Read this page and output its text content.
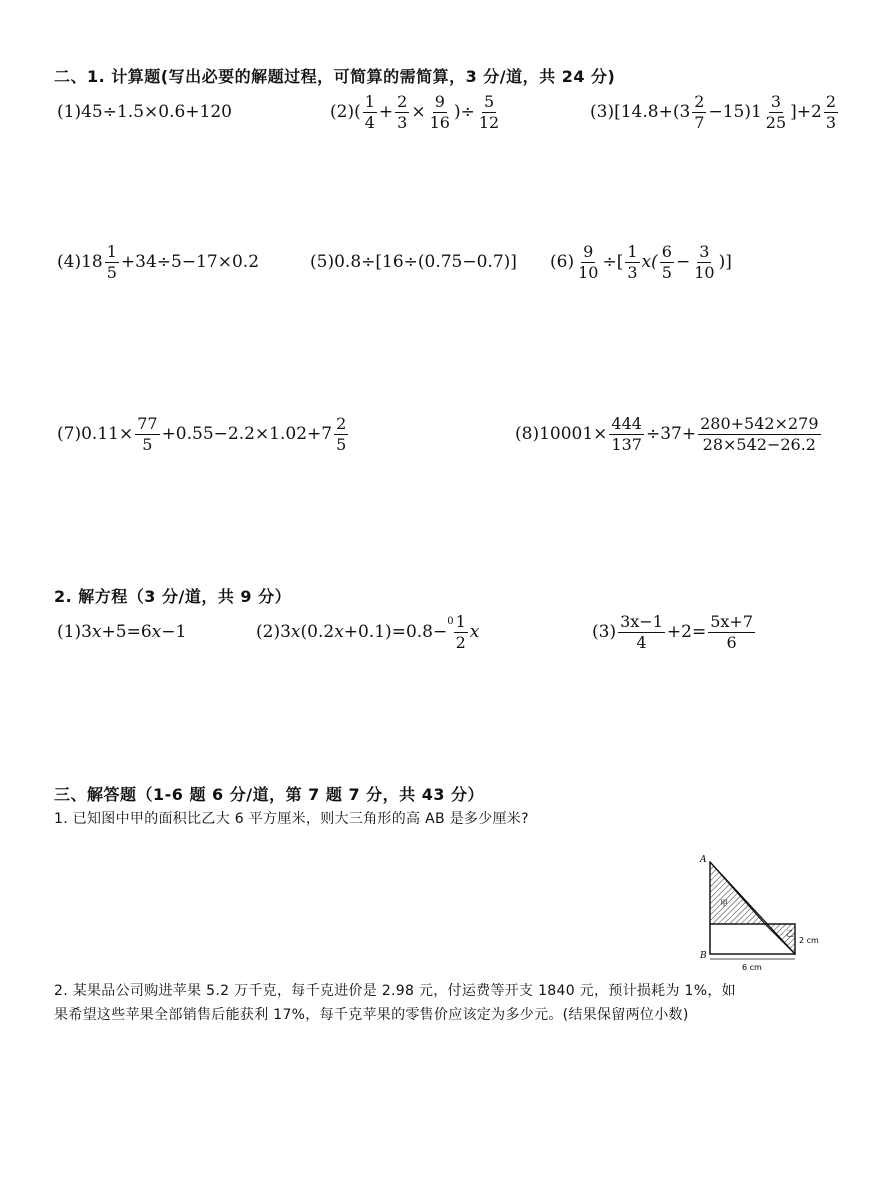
二、1. 计算题(写出必要的解题过程，可简算的需简算，3 分/道，共 24 分)
(1) 45÷1.5×0.6+120	(2) ( $\frac{1}{4} + \frac{2}{3} \times \frac{9}{16}$ )÷ $\frac{5}{12}$	(3) $[14.8+(3 \frac{2}{7} -15)1 \frac{3}{25} ]+2 \frac{2}{3}$
(4) $18 \frac{1}{5} +34\div 5-17\times 0.2$	(5) 0.8÷[16÷(0.75−0.7)] $(6) \frac{9}{10}$ ÷[ $\frac{1}{3} x( \frac{6}{5} - \frac{3}{10}$ )]
(7) $0.11\times \frac{77}{5} +0.55-2.2\times 1.02+7 \frac{2}{5}$	(8) $10001\times \frac{444}{137} \div 37+ \frac{280+542\times 279}{28\times 542-26.2}$
2. 解方程（3 分/道，共 9 分）
(1) 3 x +5=6 x −1	(2) 3 x (0.2 $x +0.1)=0.8-^0 \frac{1}{2}$ x	$(3) \frac{3x-1}{4} +2= \frac{5x+7}{6}$
三、解答题（1-6 题 6 分/道，第 7 题 7 分，共 43 分）
1. 已知图中甲的面积比乙大 6 平方厘米，则大三角形的高 AB 是多少厘米?
A
B
甲
乙
6 cm
2 cm
2. 某果品公司购进苹果 5.2 万千克，每千克进价是 2.98 元，付运费等开支 1840 元，预计损耗为 1%，如
果希望这些苹果全部销售后能获利 17%，每千克苹果的零售价应该定为多少元。(结果保留两位小数)
